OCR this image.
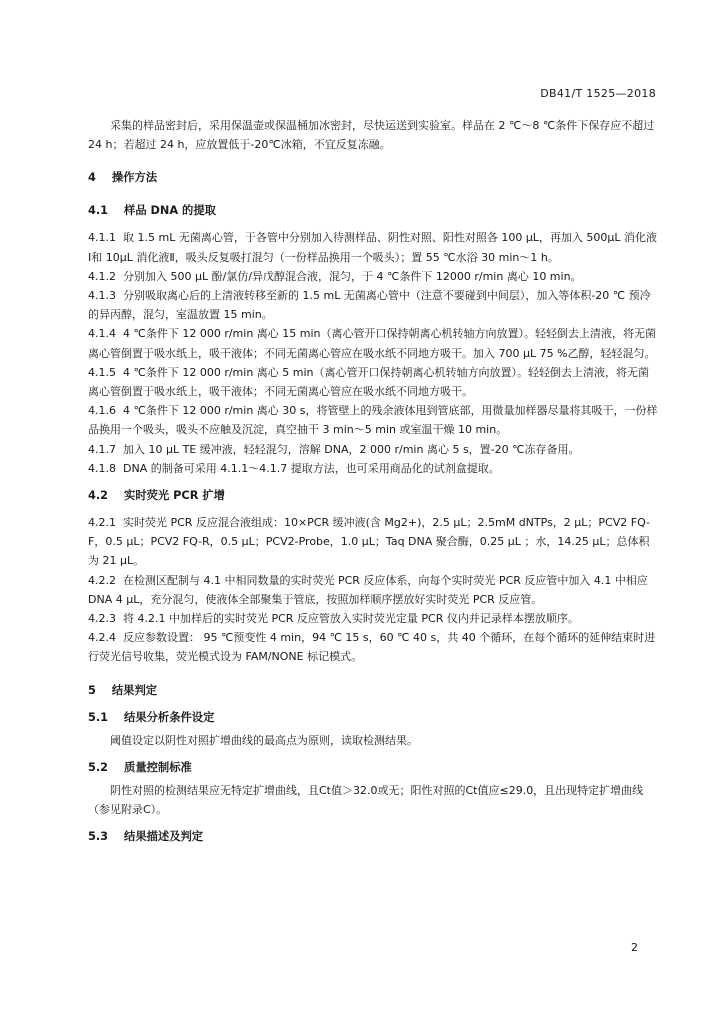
DB41/T 1525—2018

采集的样品密封后，采用保温壶或保温桶加冰密封，尽快运送到实验室。样品在 2 ℃～8 ℃条件下保存应不超过 24 h；若超过 24 h，应放置低于-20℃冰箱，不宜反复冻融。

4 操作方法
4.1 样品 DNA 的提取

4.1.1 取 1.5 mL 无菌离心管，于各管中分别加入待测样品、阴性对照、阳性对照各 100 μL，再加入 500μL 消化液Ⅰ和 10μL 消化液Ⅱ，吸头反复吸打混匀（一份样品换用一个吸头）；置 55 ℃水浴 30 min～1 h。

4.1.2 分别加入 500 μL 酚/氯仿/异戊醇混合液，混匀，于 4 ℃条件下 12000 r/min 离心 10 min。

4.1.3 分别吸取离心后的上清液转移至新的 1.5 mL 无菌离心管中（注意不要碰到中间层），加入等体积-20 ℃ 预冷的异丙醇，混匀，室温放置 15 min。

4.1.4 4 ℃条件下 12 000 r/min 离心 15 min（离心管开口保持朝离心机转轴方向放置）。轻轻倒去上清液，将无菌离心管倒置于吸水纸上，吸干液体；不同无菌离心管应在吸水纸不同地方吸干。加入 700 μL 75 %乙醇，轻轻混匀。

4.1.5 4 ℃条件下 12 000 r/min 离心 5 min（离心管开口保持朝离心机转轴方向放置）。轻轻倒去上清液，将无菌离心管倒置于吸水纸上，吸干液体；不同无菌离心管应在吸水纸不同地方吸干。

4.1.6 4 ℃条件下 12 000 r/min 离心 30 s，将管壁上的残余液体甩到管底部，用微量加样器尽量将其吸干，一份样品换用一个吸头，吸头不应触及沉淀，真空抽干 3 min～5 min 或室温干燥 10 min。

4.1.7 加入 10 μL TE 缓冲液，轻轻混匀，溶解 DNA，2 000 r/min 离心 5 s，置-20 ℃冻存备用。

4.1.8 DNA 的制备可采用 4.1.1～4.1.7 提取方法，也可采用商品化的试剂盒提取。

4.2 实时荧光 PCR 扩增

4.2.1 实时荧光 PCR 反应混合液组成：10×PCR 缓冲液(含 Mg2+)，2.5 μL；2.5mM dNTPs，2 μL；PCV2 FQ-F，0.5 μL；PCV2 FQ-R，0.5 μL；PCV2-Probe，1.0 μL；Taq DNA 聚合酶，0.25 μL ；水，14.25 μL；总体积为 21 μL。

4.2.2 在检测区配制与 4.1 中相同数量的实时荧光 PCR 反应体系，向每个实时荧光 PCR 反应管中加入 4.1 中相应 DNA 4 μL，充分混匀，使液体全部聚集于管底，按照加样顺序摆放好实时荧光 PCR 反应管。

4.2.3 将 4.2.1 中加样后的实时荧光 PCR 反应管放入实时荧光定量 PCR 仪内并记录样本摆放顺序。

4.2.4 反应参数设置： 95 ℃预变性 4 min，94 ℃ 15 s，60 ℃ 40 s，共 40 个循环，在每个循环的延伸结束时进行荧光信号收集，荧光模式设为 FAM/NONE 标记模式。

5 结果判定
5.1 结果分析条件设定

阈值设定以阴性对照扩增曲线的最高点为原则，读取检测结果。

5.2 质量控制标准

阴性对照的检测结果应无特定扩增曲线，且Ct值＞32.0或无；阳性对照的Ct值应≤29.0，且出现特定扩增曲线（参见附录C）。

5.3 结果描述及判定
2
